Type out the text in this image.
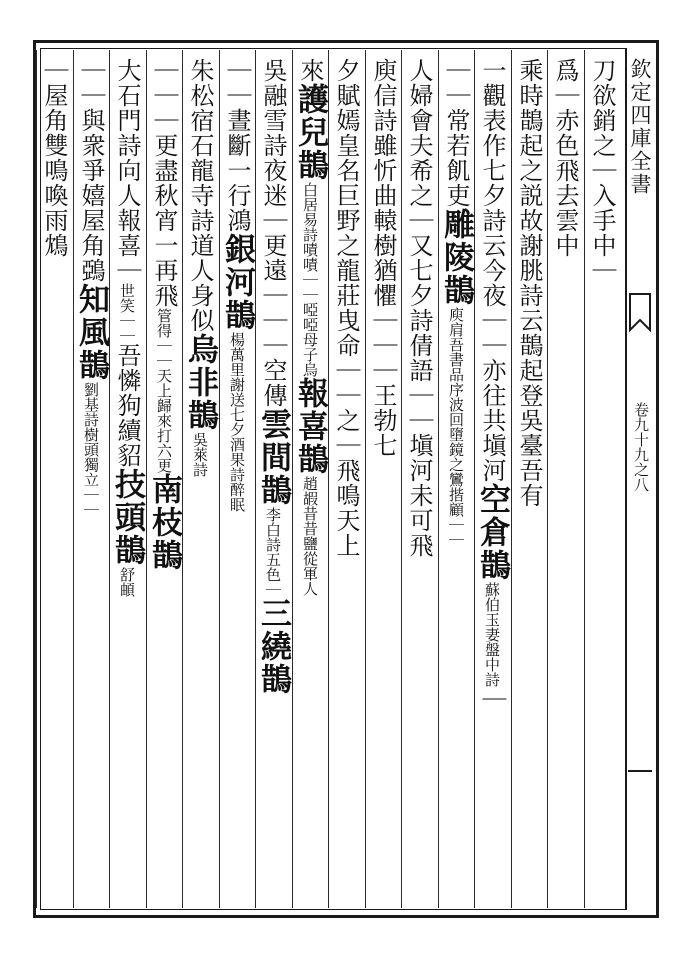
欽定四庫全書
卷九十九之八
刀欲銷之｜入手中｜
爲｜赤色飛去雲中
乘時鵲起之説故謝朓詩云鵲起登吳臺吾有
一觀表作七夕詩云今夜｜｜亦往共塡河空倉鵲蘇伯玉妻盤中詩｜
｜｜常若飢吏雕陵鵲庾肩吾書品序波回墮鏡之鸞揩顧｜｜
人婦會夫希之｜又七夕詩倩語｜｜塡河未可飛
庾信詩雖忻曲轅樹猶懼｜｜｜王勃七
夕賦嫣皇名巨野之龍莊曳命｜｜之｜飛鳴天上
來護兒鵲白居易詩嘖嘖｜｜啞啞母子烏報喜鵲趙嘏昔昔鹽從軍人
吳融雪詩夜迷｜更遠｜｜｜空傳雲間鵲李白詩五色｜三繞鵲
｜｜晝斷一行鴻銀河鵲楊萬里謝送七夕酒果詩醉眠
朱松宿石龍寺詩道人身似烏非鵲吳萊詩
｜｜｜更盡秋宵一再飛管得｜｜天上歸來打六更南枝鵲
大石門詩向人報喜｜世笑｜｜吾憐狗續貂技頭鵲舒頔
｜｜與衆爭嬉屋角鵶知風鵲劉基詩樹頭獨立｜｜
｜屋角雙鳴喚雨鴆
